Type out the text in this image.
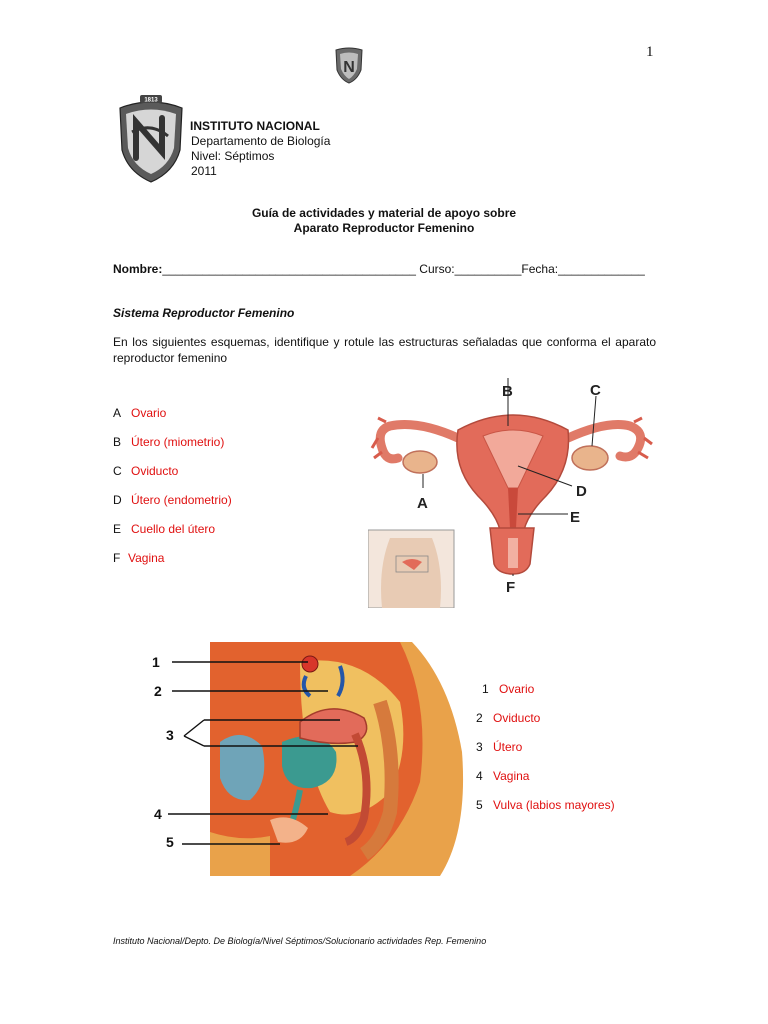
1
N
1813
INSTITUTO NACIONAL
Departamento de Biología
Nivel: Séptimos
2011
Guía de actividades y material de apoyo sobre
Aparato Reproductor Femenino
Nombre:______________________________________ Curso:__________Fecha:_____________
Sistema Reproductor Femenino
En los siguientes esquemas, identifique y rotule las estructuras señaladas que conforma el aparato reproductor femenino
A Ovario
B Útero (miometrio)
C Oviducto
D Útero (endometrio)
E Cuello del útero
F Vagina
B	C
A
D
E
F
1
2
3
4
5
1 Ovario
2 Oviducto
3 Útero
4 Vagina
5 Vulva (labios mayores)
Instituto Nacional/Depto. De Biología/Nivel Séptimos/Solucionario actividades Rep. Femenino
